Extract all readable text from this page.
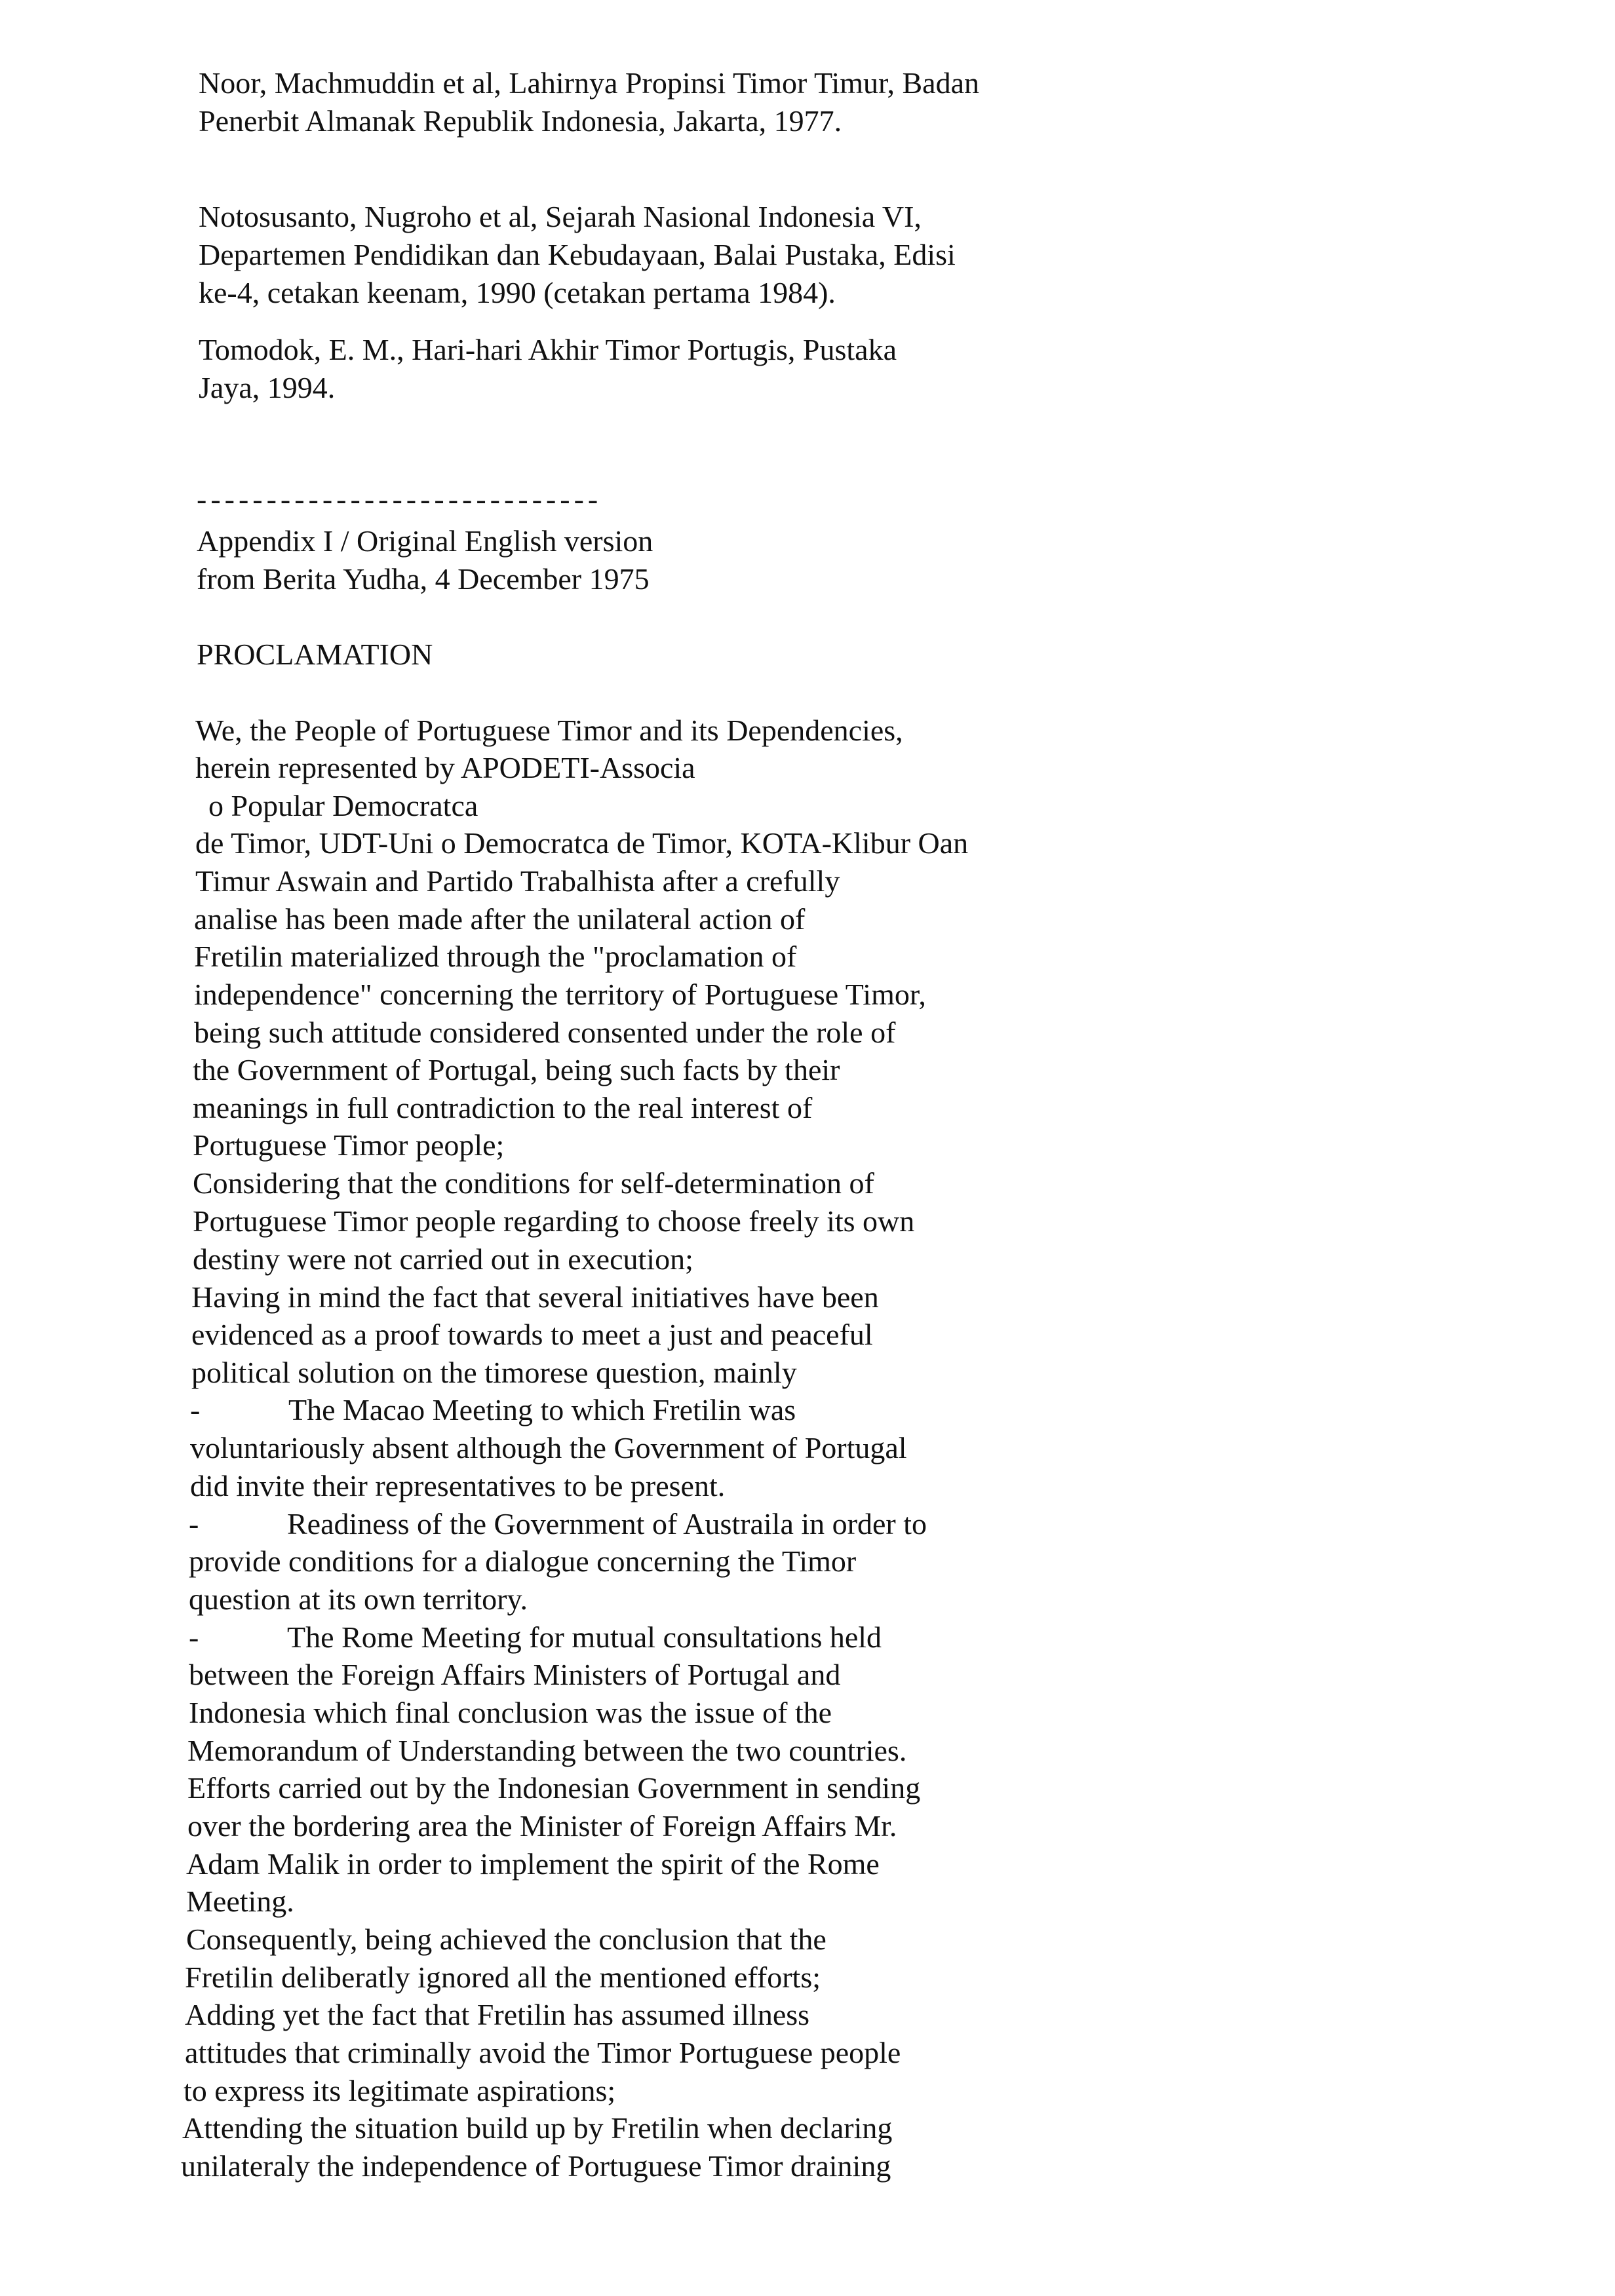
Noor, Machmuddin et al, Lahirnya Propinsi Timor Timur, Badan
Penerbit Almanak Republik Indonesia, Jakarta, 1977.
Notosusanto, Nugroho et al, Sejarah Nasional Indonesia VI,
Departemen Pendidikan dan Kebudayaan, Balai Pustaka, Edisi
ke-4, cetakan keenam, 1990 (cetakan pertama 1984).
Tomodok, E. M., Hari-hari Akhir Timor Portugis, Pustaka
Jaya, 1994.
-----------------------------
Appendix I / Original English version
from Berita Yudha, 4 December 1975
PROCLAMATION
We, the People of Portuguese Timor and its Dependencies,
herein represented by APODETI-Associa
o Popular Democratca
de Timor, UDT-Uni o Democratca de Timor, KOTA-Klibur Oan
Timur Aswain and Partido Trabalhista after a crefully
analise has been made after the unilateral action of
Fretilin materialized through the "proclamation of
independence" concerning the territory of Portuguese Timor,
being such attitude considered consented under the role of
the Government of Portugal, being such facts by their
meanings in full contradiction to the real interest of
Portuguese Timor people;
Considering that the conditions for self-determination of
Portuguese Timor people regarding to choose freely its own
destiny were not carried out in execution;
Having in mind the fact that several initiatives have been
evidenced as a proof towards to meet a just and peaceful
political solution on the timorese question, mainly
-	The Macao Meeting to which Fretilin was
voluntariously absent although the Government of Portugal
did invite their representatives to be present.
-	Readiness of the Government of Austraila in order to
provide conditions for a dialogue concerning the Timor
question at its own territory.
-	The Rome Meeting for mutual consultations held
between the Foreign Affairs Ministers of Portugal and
Indonesia which final conclusion was the issue of the
Memorandum of Understanding between the two countries.
Efforts carried out by the Indonesian Government in sending
over the bordering area the Minister of Foreign Affairs Mr.
Adam Malik in order to implement the spirit of the Rome
Meeting.
Consequently, being achieved the conclusion that the
Fretilin deliberatly ignored all the mentioned efforts;
Adding yet the fact that Fretilin has assumed illness
attitudes that criminally avoid the Timor Portuguese people
to express its legitimate aspirations;
Attending the situation build up by Fretilin when declaring
unilateraly the independence of Portuguese Timor draining
